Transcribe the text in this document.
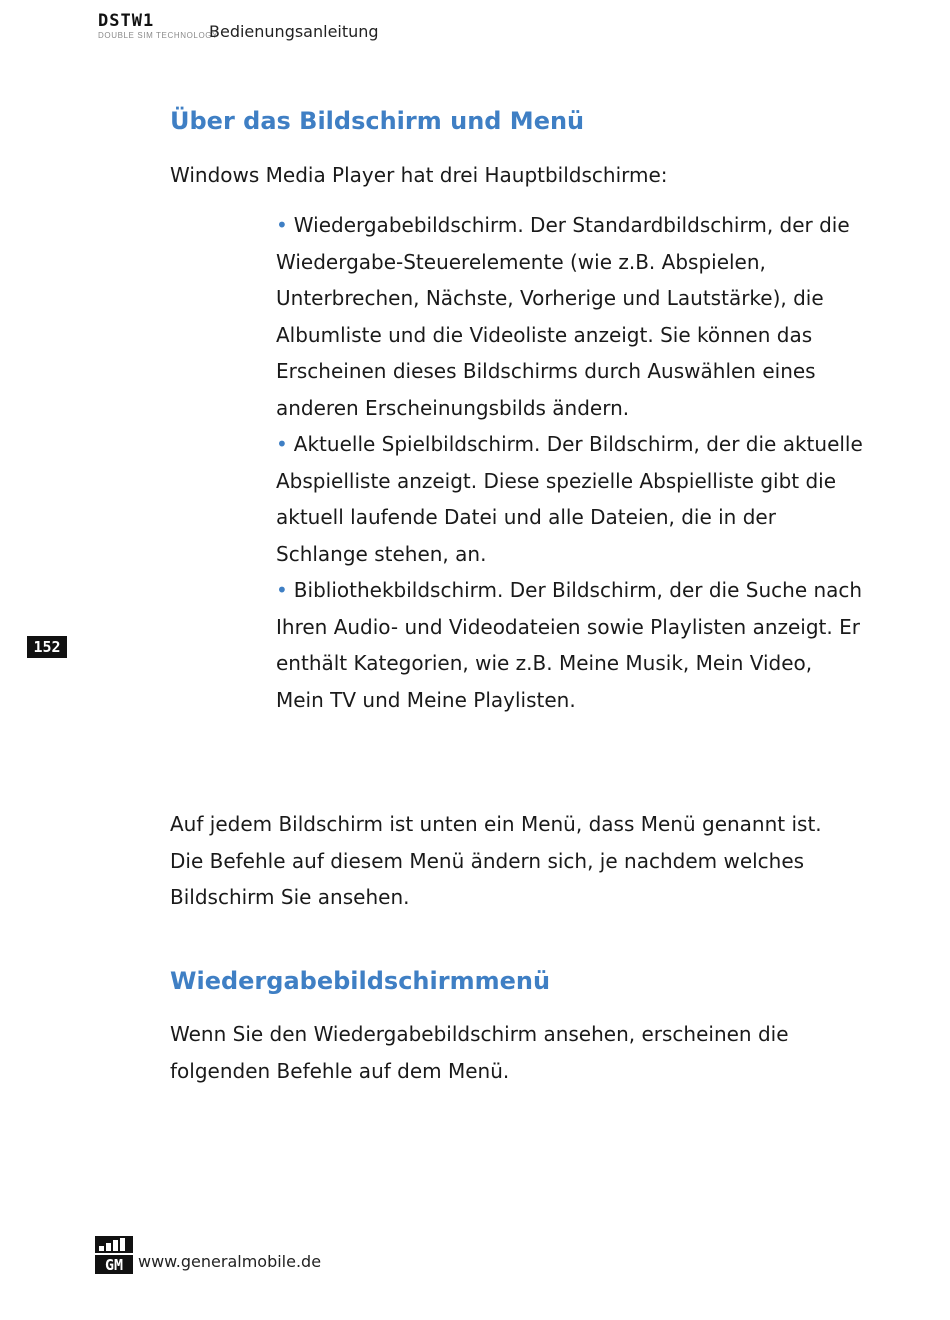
DSTW1
DOUBLE SIM TECHNOLOGY
Bedienungsanleitung
152
Über das Bildschirm und Menü

Windows Media Player hat drei Hauptbildschirme:

• Wiedergabebildschirm. Der Standardbildschirm, der die Wiedergabe-Steuerelemente (wie z.B. Abspielen, Unterbrechen, Nächste, Vorherige und Lautstärke), die Albumliste und die Videoliste anzeigt. Sie können das Erscheinen dieses Bildschirms durch Auswählen eines anderen Erscheinungsbilds ändern.

• Aktuelle Spielbildschirm. Der Bildschirm, der die aktuelle Abspielliste anzeigt. Diese spezielle Abspielliste gibt die aktuell laufende Datei und alle Dateien, die in der Schlange stehen, an.

• Bibliothekbildschirm. Der Bildschirm, der die Suche nach Ihren Audio- und Videodateien sowie Playlisten anzeigt. Er enthält Kategorien, wie z.B. Meine Musik, Mein Video, Mein TV und Meine Playlisten.

Auf jedem Bildschirm ist unten ein Menü, dass Menü genannt ist. Die Befehle auf diesem Menü ändern sich, je nachdem welches Bildschirm Sie ansehen.

Wiedergabebildschirmmenü

Wenn Sie den Wiedergabebildschirm ansehen, erscheinen die folgenden Befehle auf dem Menü.

GM www.generalmobile.de
